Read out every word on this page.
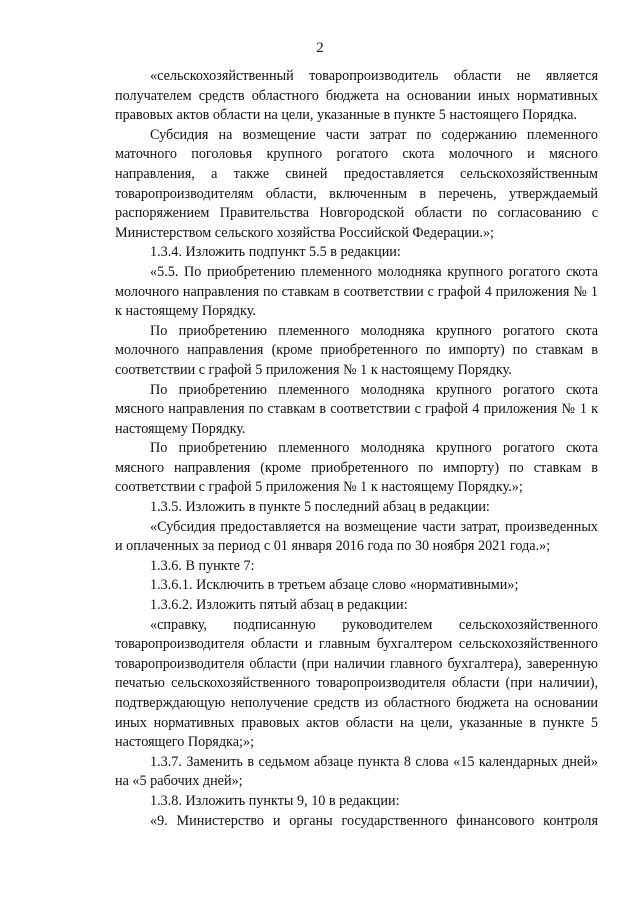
2

«сельскохозяйственный товаропроизводитель области не является получателем средств областного бюджета на основании иных нормативных правовых актов области на цели, указанные в пункте 5 настоящего Порядка.

Субсидия на возмещение части затрат по содержанию племенного маточного поголовья крупного рогатого скота молочного и мясного направления, а также свиней предоставляется сельскохозяйственным товаропроизводителям области, включенным в перечень, утверждаемый распоряжением Правительства Новгородской области по согласованию с Министерством сельского хозяйства Российской Федерации.»;

1.3.4. Изложить подпункт 5.5 в редакции:

«5.5. По приобретению племенного молодняка крупного рогатого скота молочного направления по ставкам в соответствии с графой 4 приложения № 1 к настоящему Порядку.

По приобретению племенного молодняка крупного рогатого скота молочного направления (кроме приобретенного по импорту) по ставкам в соответствии с графой 5 приложения № 1 к настоящему Порядку.

По приобретению племенного молодняка крупного рогатого скота мясного направления по ставкам в соответствии с графой 4 приложения № 1 к настоящему Порядку.

По приобретению племенного молодняка крупного рогатого скота мясного направления (кроме приобретенного по импорту) по ставкам в соответствии с графой 5 приложения № 1 к настоящему Порядку.»;

1.3.5. Изложить в пункте 5 последний абзац в редакции:

«Субсидия предоставляется на возмещение части затрат, произведенных и оплаченных за период с 01 января 2016 года по 30 ноября 2021 года.»;

1.3.6. В пункте 7:

1.3.6.1. Исключить в третьем абзаце слово «нормативными»;

1.3.6.2. Изложить пятый абзац в редакции:

«справку, подписанную руководителем сельскохозяйственного товаропроизводителя области и главным бухгалтером сельскохозяйственного товаропроизводителя области (при наличии главного бухгалтера), заверенную печатью сельскохозяйственного товаропроизводителя области (при наличии), подтверждающую неполучение средств из областного бюджета на основании иных нормативных правовых актов области на цели, указанные в пункте 5 настоящего Порядка;»;

1.3.7. Заменить в седьмом абзаце пункта 8 слова «15 календарных дней» на «5 рабочих дней»;

1.3.8. Изложить пункты 9, 10 в редакции:

«9. Министерство и органы государственного финансового контроля
